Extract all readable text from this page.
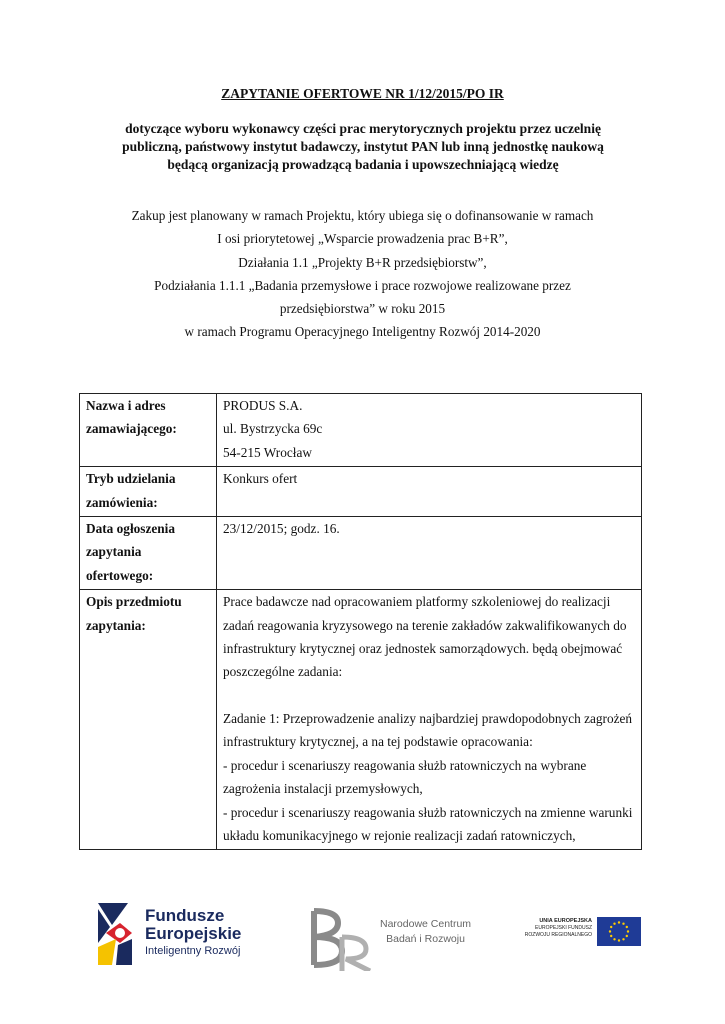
ZAPYTANIE OFERTOWE NR 1/12/2015/PO IR
dotyczące wyboru wykonawcy części prac merytorycznych projektu przez uczelnię publiczną, państwowy instytut badawczy, instytut PAN lub inną jednostkę naukową będącą organizacją prowadzącą badania i upowszechniającą wiedzę
Zakup jest planowany w ramach Projektu, który ubiega się o dofinansowanie w ramach
I osi priorytetowej „Wsparcie prowadzenia prac B+R”,
Działania 1.1 „Projekty B+R przedsiębiorstw”,
Podziałania 1.1.1 „Badania przemysłowe i prace rozwojowe realizowane przez
przedsiębiorstwa” w roku 2015
w ramach Programu Operacyjnego Inteligentny Rozwój 2014-2020
Nazwa i adres zamawiającego:	PRODUS S.A.
ul. Bystrzycka 69c
54-215 Wrocław

Tryb udzielania zamówienia:	Konkurs ofert

Data ogłoszenia zapytania ofertowego:	23/12/2015; godz. 16.

Opis przedmiotu zapytania:	Prace badawcze nad opracowaniem platformy szkoleniowej do realizacji zadań reagowania kryzysowego na terenie zakładów zakwalifikowanych do infrastruktury krytycznej oraz jednostek samorządowych. będą obejmować poszczególne zadania:
Zadanie 1: Przeprowadzenie analizy najbardziej prawdopodobnych zagrożeń infrastruktury krytycznej, a na tej podstawie opracowania:
- procedur i scenariuszy reagowania służb ratowniczych na wybrane zagrożenia instalacji przemysłowych,
- procedur i scenariuszy reagowania służb ratowniczych na zmienne warunki układu komunikacyjnego w rejonie realizacji zadań ratowniczych,
Fundusze
Europejskie
Inteligentny Rozwój
Narodowe Centrum
Badań i Rozwoju
UNIA EUROPEJSKA
EUROPEJSKI FUNDUSZ
ROZWOJU REGIONALNEGO
